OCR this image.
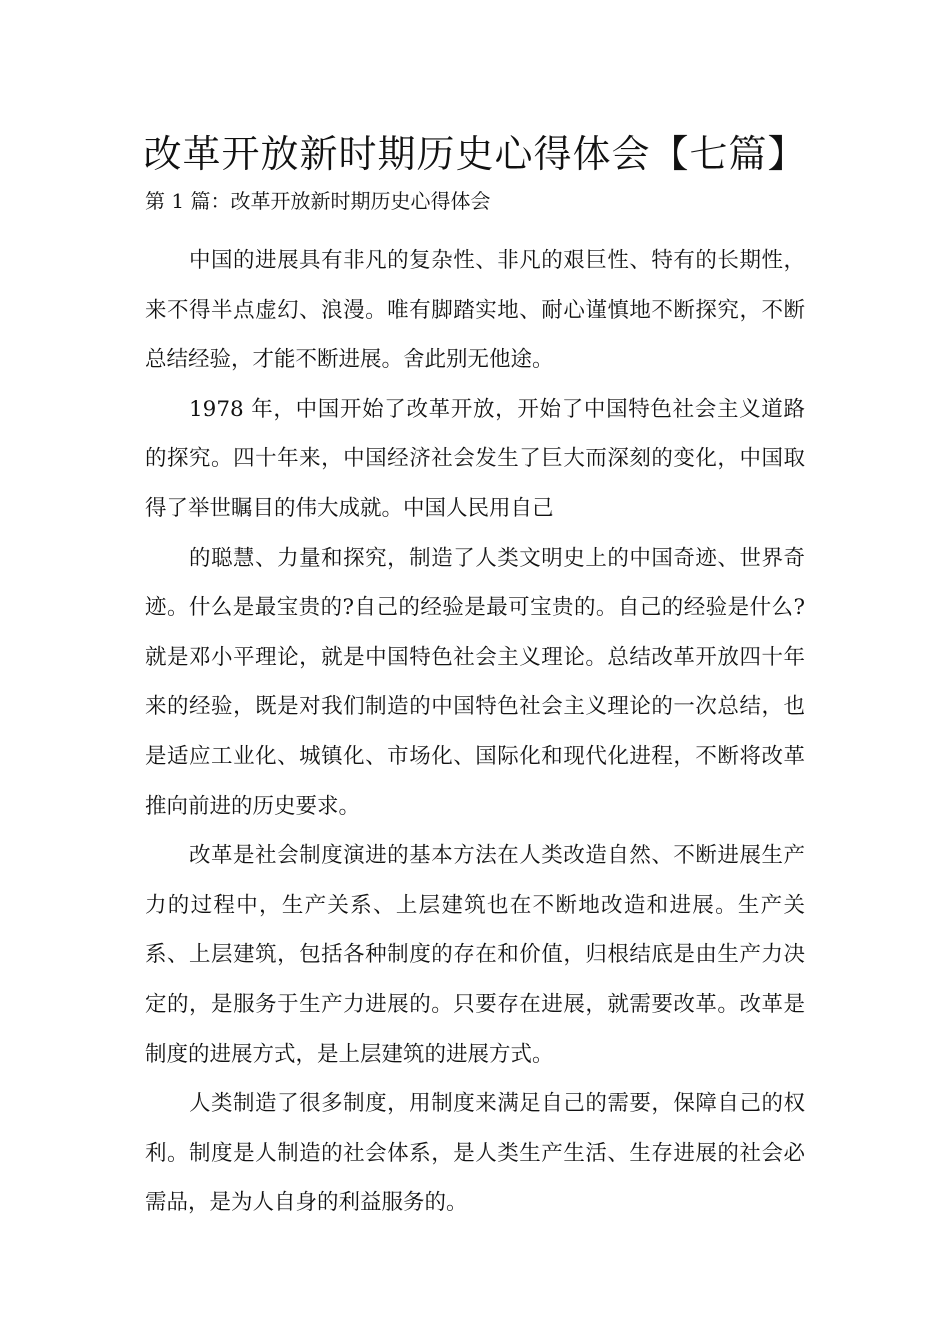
改革开放新时期历史心得体会【七篇】

第 1 篇：改革开放新时期历史心得体会

中国的进展具有非凡的复杂性、非凡的艰巨性、特有的长期性，来不得半点虚幻、浪漫。唯有脚踏实地、耐心谨慎地不断探究，不断总结经验，才能不断进展。舍此别无他途。

1978 年，中国开始了改革开放，开始了中国特色社会主义道路的探究。四十年来，中国经济社会发生了巨大而深刻的变化，中国取得了举世瞩目的伟大成就。中国人民用自己

的聪慧、力量和探究，制造了人类文明史上的中国奇迹、世界奇迹。什么是最宝贵的?自己的经验是最可宝贵的。自己的经验是什么?就是邓小平理论，就是中国特色社会主义理论。总结改革开放四十年来的经验，既是对我们制造的中国特色社会主义理论的一次总结，也是适应工业化、城镇化、市场化、国际化和现代化进程，不断将改革推向前进的历史要求。

改革是社会制度演进的基本方法在人类改造自然、不断进展生产力的过程中，生产关系、上层建筑也在不断地改造和进展。生产关系、上层建筑，包括各种制度的存在和价值，归根结底是由生产力决定的，是服务于生产力进展的。只要存在进展，就需要改革。改革是制度的进展方式，是上层建筑的进展方式。

人类制造了很多制度，用制度来满足自己的需要，保障自己的权利。制度是人制造的社会体系，是人类生产生活、生存进展的社会必需品，是为人自身的利益服务的。
